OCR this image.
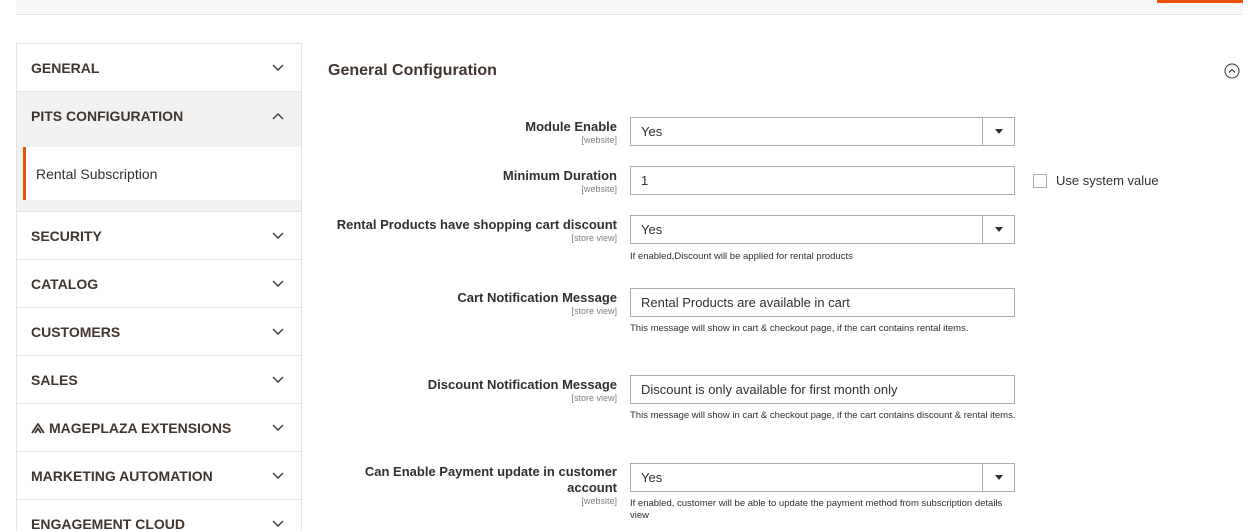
GENERAL
PITS CONFIGURATION
Rental Subscription
SECURITY
CATALOG
CUSTOMERS
SALES
MAGEPLAZA EXTENSIONS
MARKETING AUTOMATION
ENGAGEMENT CLOUD
General Configuration
Module Enable
[website]
Yes
Minimum Duration
[website]
1	Use system value
Rental Products have shopping cart discount
[store view]
Yes
If enabled,Discount will be applied for rental products
Cart Notification Message
[store view]
Rental Products are available in cart
This message will show in cart & checkout page, if the cart contains rental items.
Discount Notification Message
[store view]
Discount is only available for first month only
This message will show in cart & checkout page, if the cart contains discount & rental items.
Can Enable Payment update in customer account
[website]
Yes
If enabled, customer will be able to update the payment method from subscription details view
